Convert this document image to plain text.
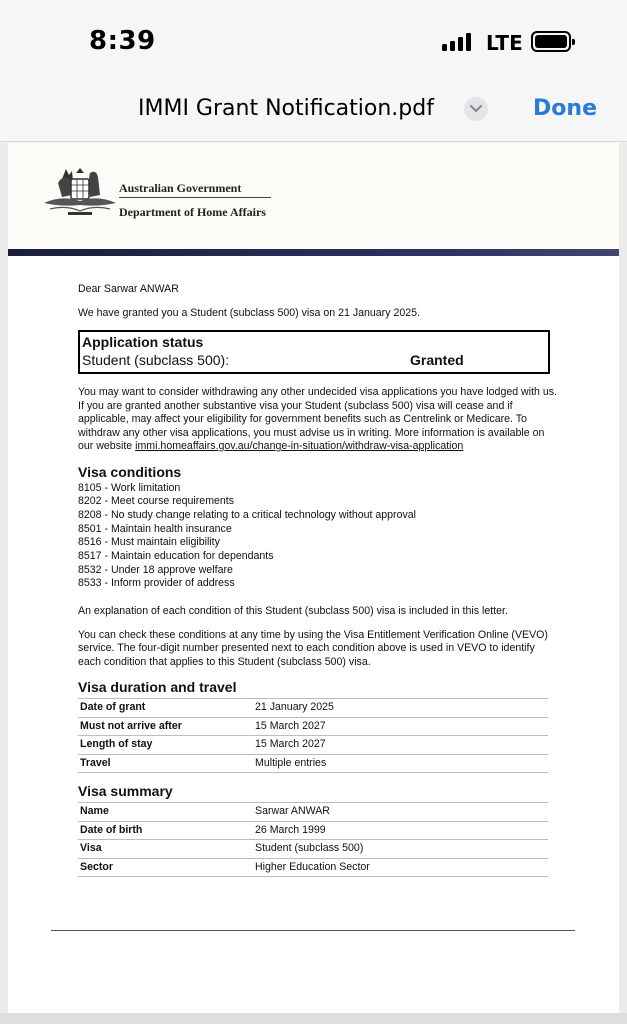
8:39	LTE
IMMI Grant Notification.pdf	Done
Australian Government
Department of Home Affairs
Dear Sarwar ANWAR
We have granted you a Student (subclass 500) visa on 21 January 2025.
Application status
Student (subclass 500):	Granted
You may want to consider withdrawing any other undecided visa applications you have lodged with us. If you are granted another substantive visa your Student (subclass 500) visa will cease and if applicable, may affect your eligibility for government benefits such as Centrelink or Medicare. To withdraw any other visa applications, you must advise us in writing. More information is available on our website immi.homeaffairs.gov.au/change-in-situation/withdraw-visa-application
Visa conditions
8105 - Work limitation
8202 - Meet course requirements
8208 - No study change relating to a critical technology without approval
8501 - Maintain health insurance
8516 - Must maintain eligibility
8517 - Maintain education for dependants
8532 - Under 18 approve welfare
8533 - Inform provider of address
An explanation of each condition of this Student (subclass 500) visa is included in this letter.
You can check these conditions at any time by using the Visa Entitlement Verification Online (VEVO) service. The four-digit number presented next to each condition above is used in VEVO to identify each condition that applies to this Student (subclass 500) visa.
Visa duration and travel
Date of grant	21 January 2025
Must not arrive after	15 March 2027
Length of stay	15 March 2027
Travel	Multiple entries
Visa summary
Name	Sarwar ANWAR
Date of birth	26 March 1999
Visa	Student (subclass 500)
Sector	Higher Education Sector
